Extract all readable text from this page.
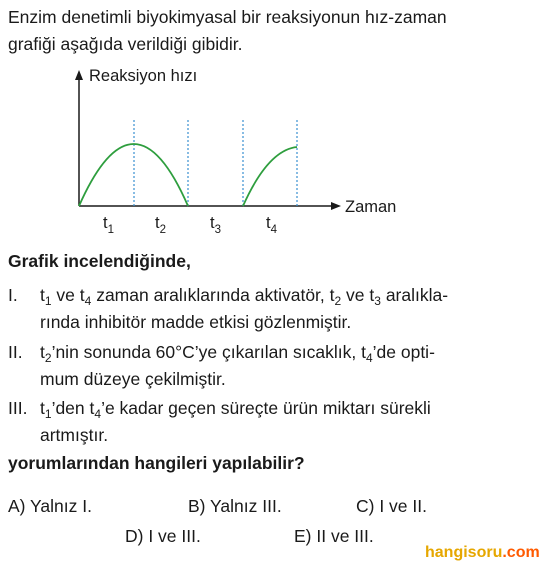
Enzim denetimli biyokimyasal bir reaksiyonun hız-zaman
grafiği aşağıda verildiği gibidir.
Reaksiyon hızı
Zaman
$t_1$ $t_2$	$t_3$	$t_4$
Grafik incelendiğinde,
I. $t_1$ ve $t_4$ zaman aralıklarında aktivatör, $t_2$ ve $t_3$ aralıkla-
rında inhibitör madde etkisi gözlenmiştir.
II. $t_2’nin$ sonunda 60°C’ye çıkarılan sıcaklık, $t_4’de$ opti-
mum düzeye çekilmiştir.
III. $t_1’den$ $t_4’e$ kadar geçen süreçte ürün miktarı sürekli
artmıştır.
yorumlarından hangileri yapılabilir?
A) Yalnız I.	B) Yalnız III.	C) I ve II.
D) I ve III.	E) II ve III.
hangisoru.com
